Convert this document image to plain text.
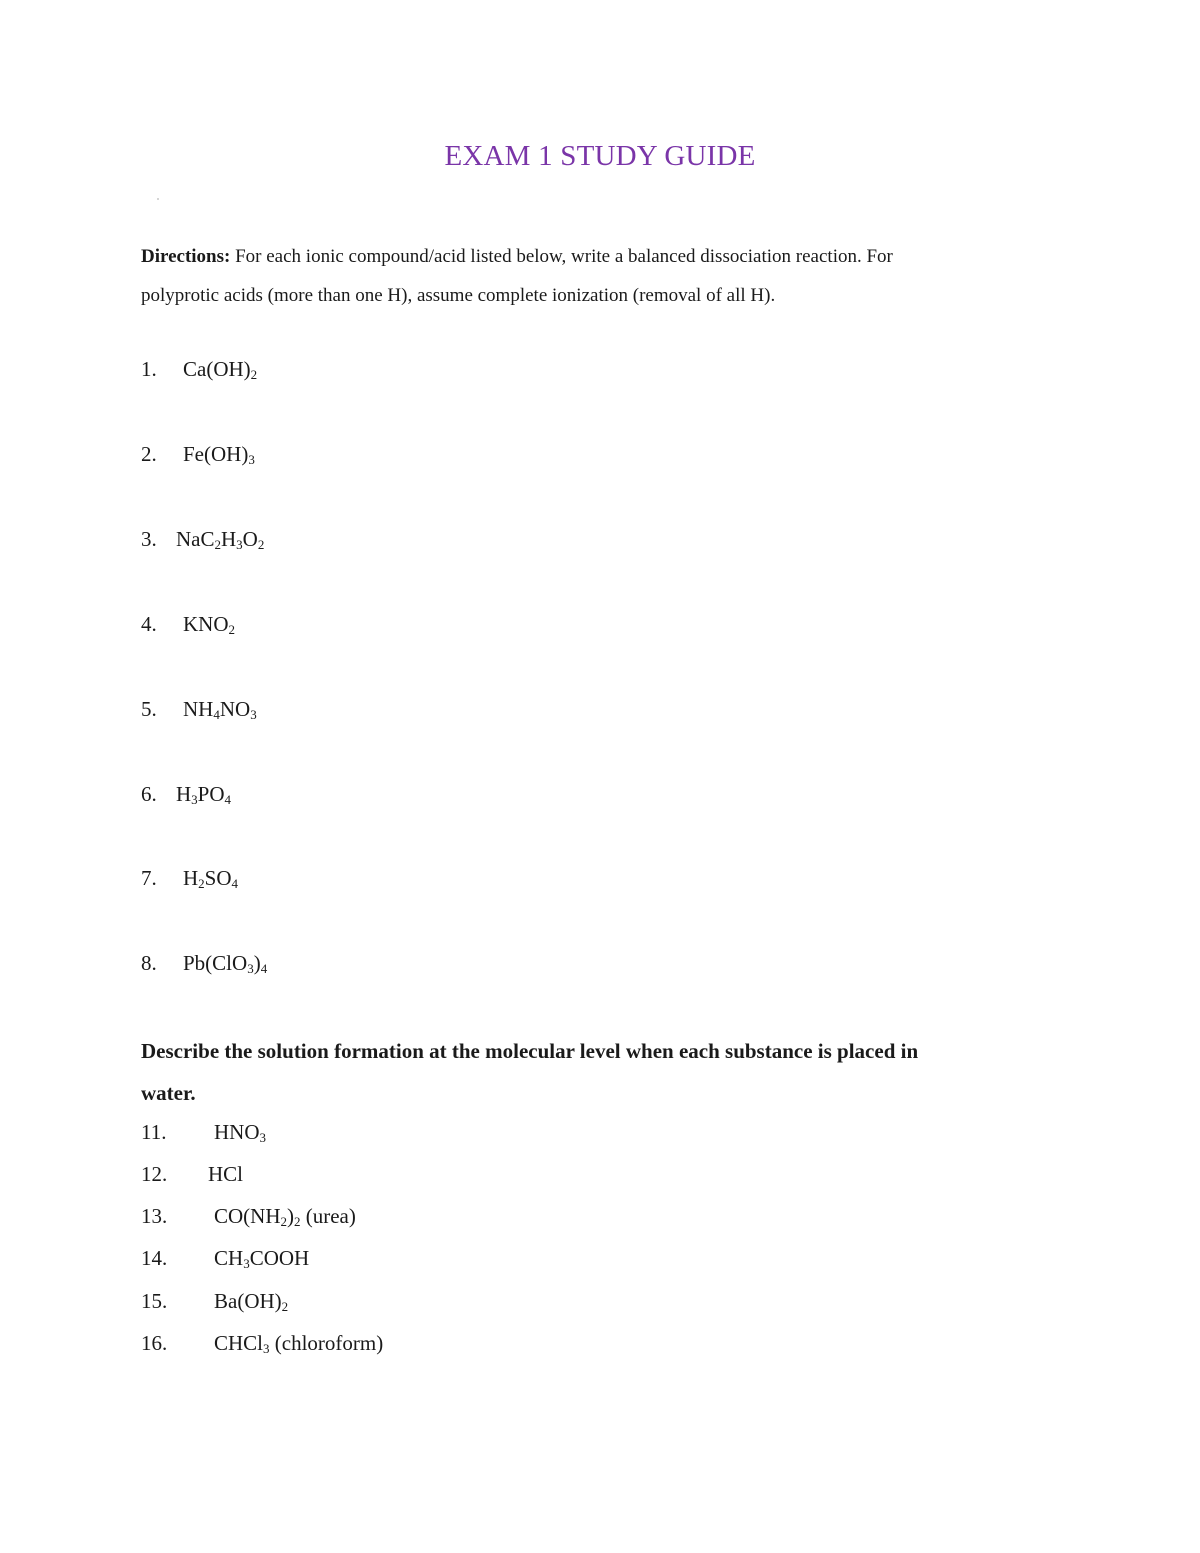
EXAM 1 STUDY GUIDE
Directions: For each ionic compound/acid listed below, write a balanced dissociation reaction. For
polyprotic acids (more than one H), assume complete ionization (removal of all H).
1. $Ca(OH)_2$
2. $Fe(OH)_3$
3. $NaC_2H_3O_2$
4. $KNO_2$
5. $NH_4NO_3$
6. $H_3PO_4$
7. $H_2SO_4$
8. $Pb(ClO_3)_4$
Describe the solution formation at the molecular level when each substance is placed in
water.
11. $HNO_3$
12. HCl
13. $CO(NH_2)_2$ (urea)
14. $CH_3COOH$
15. $Ba(OH)_2$
16. CHCl$_3$ (chloroform)
